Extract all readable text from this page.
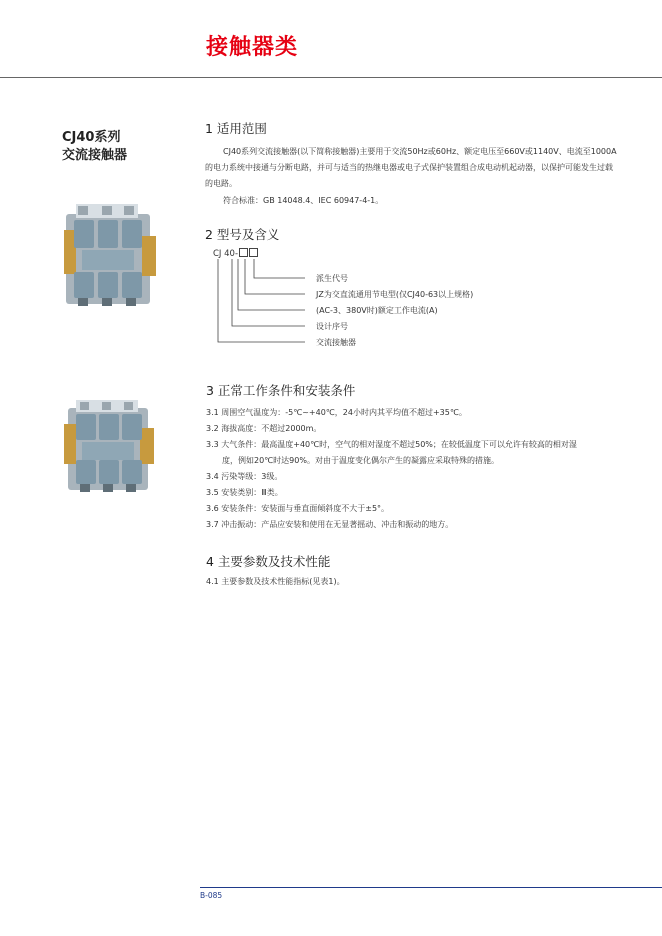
接触器类
CJ40系列
交流接触器
1 适用范围
CJ40系列交流接触器(以下简称接触器)主要用于交流50Hz或60Hz、额定电压至660V或1140V、电流至1000A的电力系统中接通与分断电路，并可与适当的热继电器或电子式保护装置组合成电动机起动器，以保护可能发生过载的电路。
符合标准：GB 14048.4、IEC 60947-4-1。
2 型号及含义
CJ 40-
派生代号
JZ为交直流通用节电型(仅CJ40-63以上规格)
(AC-3、380V时)额定工作电流(A)
设计序号
交流接触器
3 正常工作条件和安装条件
3.1 周围空气温度为：-5℃~+40℃，24小时内其平均值不超过+35℃。
3.2 海拔高度：不超过2000m。
3.3 大气条件：最高温度+40℃时，空气的相对湿度不超过50%；在较低温度下可以允许有较高的相对湿
度，例如20℃时达90%。对由于温度变化偶尔产生的凝露应采取特殊的措施。
3.4 污染等级：3级。
3.5 安装类别：Ⅲ类。
3.6 安装条件：安装面与垂直面倾斜度不大于±5°。
3.7 冲击振动：产品应安装和使用在无显著摇动、冲击和振动的地方。
4 主要参数及技术性能
4.1 主要参数及技术性能指标(见表1)。
B-085
